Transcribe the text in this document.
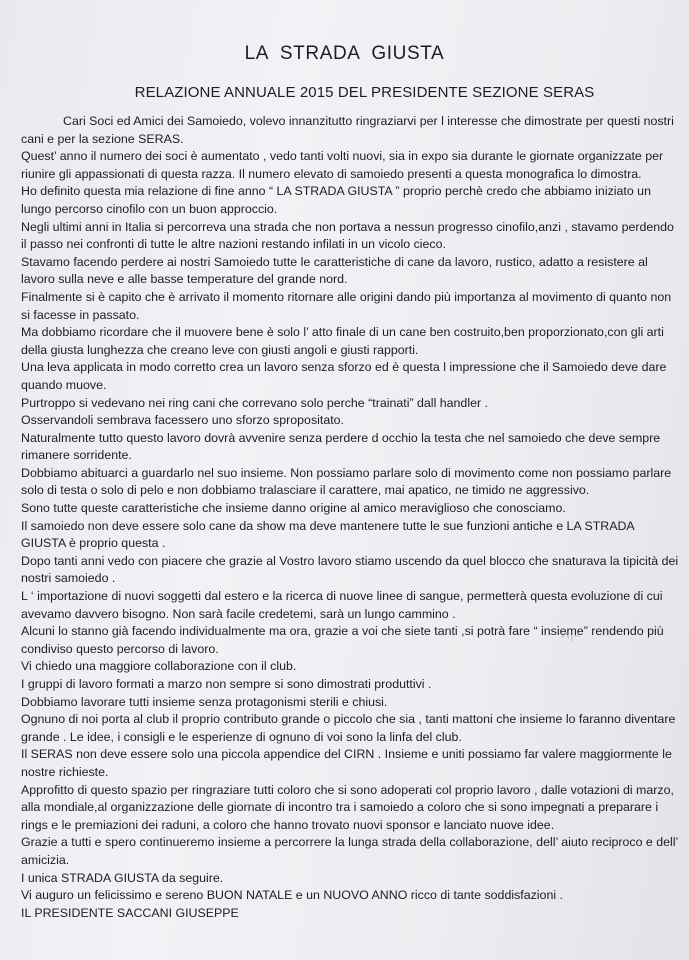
LA STRADA GIUSTA
RELAZIONE ANNUALE 2015 DEL PRESIDENTE SEZIONE SERAS

Cari Soci ed Amici dei Samoiedo, volevo innanzitutto ringraziarvi per l interesse che dimostrate per questi nostri cani e per la sezione SERAS.

Quest’ anno il numero dei soci è aumentato , vedo tanti volti nuovi, sia in expo sia durante le giornate organizzate per riunire gli appassionati di questa razza. Il numero elevato di samoiedo presenti a questa monografica lo dimostra.

Ho definito questa mia relazione di fine anno “ LA STRADA GIUSTA ” proprio perchè credo che abbiamo iniziato un lungo percorso cinofilo con un buon approccio.

Negli ultimi anni in Italia si percorreva una strada che non portava a nessun progresso cinofilo,anzi , stavamo perdendo il passo nei confronti di tutte le altre nazioni restando infilati in un vicolo cieco.

Stavamo facendo perdere ai nostri Samoiedo tutte le caratteristiche di cane da lavoro, rustico, adatto a resistere al lavoro sulla neve e alle basse temperature del grande nord.

Finalmente si è capito che è arrivato il momento ritornare alle origini dando più importanza al movimento di quanto non si facesse in passato.

Ma dobbiamo ricordare che il muovere bene è solo l’ atto finale di un cane ben costruito,ben proporzionato,con gli arti della giusta lunghezza che creano leve con giusti angoli e giusti rapporti.

Una leva applicata in modo corretto crea un lavoro senza sforzo ed è questa l impressione che il Samoiedo deve dare quando muove.

Purtroppo si vedevano nei ring cani che correvano solo perche “trainati” dall handler .

Osservandoli sembrava facessero uno sforzo spropositato.

Naturalmente tutto questo lavoro dovrà avvenire senza perdere d occhio la testa che nel samoiedo che deve sempre rimanere sorridente.

Dobbiamo abituarci a guardarlo nel suo insieme. Non possiamo parlare solo di movimento come non possiamo parlare solo di testa o solo di pelo e non dobbiamo tralasciare il carattere, mai apatico, ne timido ne aggressivo.

Sono tutte queste caratteristiche che insieme danno origine al amico meraviglioso che conosciamo.

Il samoiedo non deve essere solo cane da show ma deve mantenere tutte le sue funzioni antiche e LA STRADA GIUSTA è proprio questa .

Dopo tanti anni vedo con piacere che grazie al Vostro lavoro stiamo uscendo da quel blocco che snaturava la tipicità dei nostri samoiedo .

L ‘ importazione di nuovi soggetti dal estero e la ricerca di nuove linee di sangue, permetterà questa evoluzione di cui avevamo davvero bisogno. Non sarà facile credetemi, sarà un lungo cammino .

Alcuni lo stanno già facendo individualmente ma ora, grazie a voi che siete tanti ,si potrà fare “ insieme” rendendo più condiviso questo percorso di lavoro.

Vi chiedo una maggiore collaborazione con il club.

I gruppi di lavoro formati a marzo non sempre si sono dimostrati produttivi .

Dobbiamo lavorare tutti insieme senza protagonismi sterili e chiusi.

Ognuno di noi porta al club il proprio contributo grande o piccolo che sia , tanti mattoni che insieme lo faranno diventare grande . Le idee, i consigli e le esperienze di ognuno di voi sono la linfa del club.

Il SERAS non deve essere solo una piccola appendice del CIRN . Insieme e uniti possiamo far valere maggiormente le nostre richieste.

Approfitto di questo spazio per ringraziare tutti coloro che si sono adoperati col proprio lavoro , dalle votazioni di marzo, alla mondiale,al organizzazione delle giornate di incontro tra i samoiedo a coloro che si sono impegnati a preparare i rings e le premiazioni dei raduni, a coloro che hanno trovato nuovi sponsor e lanciato nuove idee.

Grazie a tutti e spero continueremo insieme a percorrere la lunga strada della collaborazione, dell’ aiuto reciproco e dell’ amicizia.

I unica STRADA GIUSTA da seguire.

Vi auguro un felicissimo e sereno BUON NATALE e un NUOVO ANNO ricco di tante soddisfazioni .

IL PRESIDENTE SACCANI GIUSEPPE
